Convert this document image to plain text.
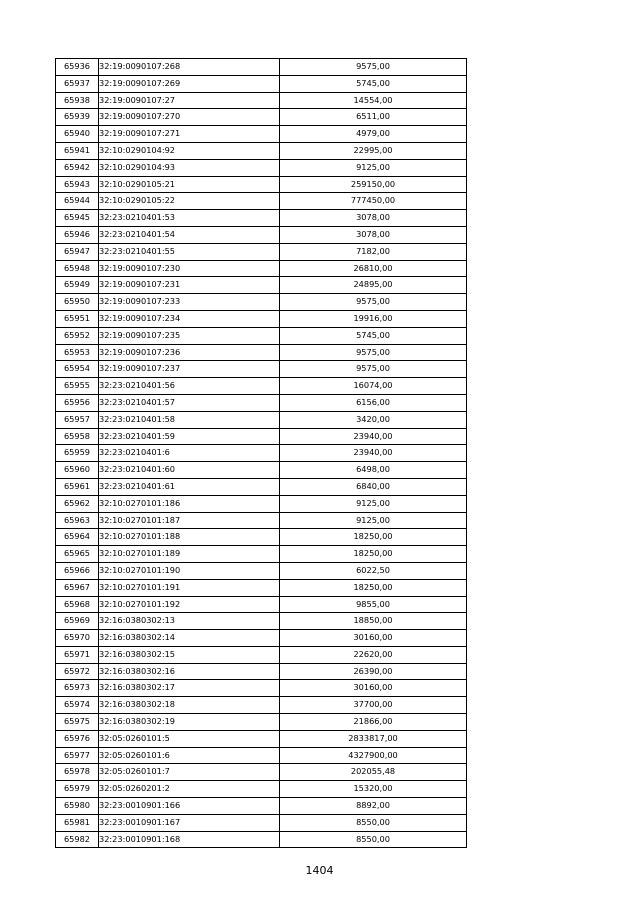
65936	32:19:0090107:268	9575,00
65937	32:19:0090107:269	5745,00
65938	32:19:0090107:27	14554,00
65939	32:19:0090107:270	6511,00
65940	32:19:0090107:271	4979,00
65941	32:10:0290104:92	22995,00
65942	32:10:0290104:93	9125,00
65943	32:10:0290105:21	259150,00
65944	32:10:0290105:22	777450,00
65945	32:23:0210401:53	3078,00
65946	32:23:0210401:54	3078,00
65947	32:23:0210401:55	7182,00
65948	32:19:0090107:230	26810,00
65949	32:19:0090107:231	24895,00
65950	32:19:0090107:233	9575,00
65951	32:19:0090107:234	19916,00
65952	32:19:0090107:235	5745,00
65953	32:19:0090107:236	9575,00
65954	32:19:0090107:237	9575,00
65955	32:23:0210401:56	16074,00
65956	32:23:0210401:57	6156,00
65957	32:23:0210401:58	3420,00
65958	32:23:0210401:59	23940,00
65959	32:23:0210401:6	23940,00
65960	32:23:0210401:60	6498,00
65961	32:23:0210401:61	6840,00
65962	32:10:0270101:186	9125,00
65963	32:10:0270101:187	9125,00
65964	32:10:0270101:188	18250,00
65965	32:10:0270101:189	18250,00
65966	32:10:0270101:190	6022,50
65967	32:10:0270101:191	18250,00
65968	32:10:0270101:192	9855,00
65969	32:16:0380302:13	18850,00
65970	32:16:0380302:14	30160,00
65971	32:16:0380302:15	22620,00
65972	32:16:0380302:16	26390,00
65973	32:16:0380302:17	30160,00
65974	32:16:0380302:18	37700,00
65975	32:16:0380302:19	21866,00
65976	32:05:0260101:5	2833817,00
65977	32:05:0260101:6	4327900,00
65978	32:05:0260101:7	202055,48
65979	32:05:0260201:2	15320,00
65980	32:23:0010901:166	8892,00
65981	32:23:0010901:167	8550,00
65982	32:23:0010901:168	8550,00
1404
